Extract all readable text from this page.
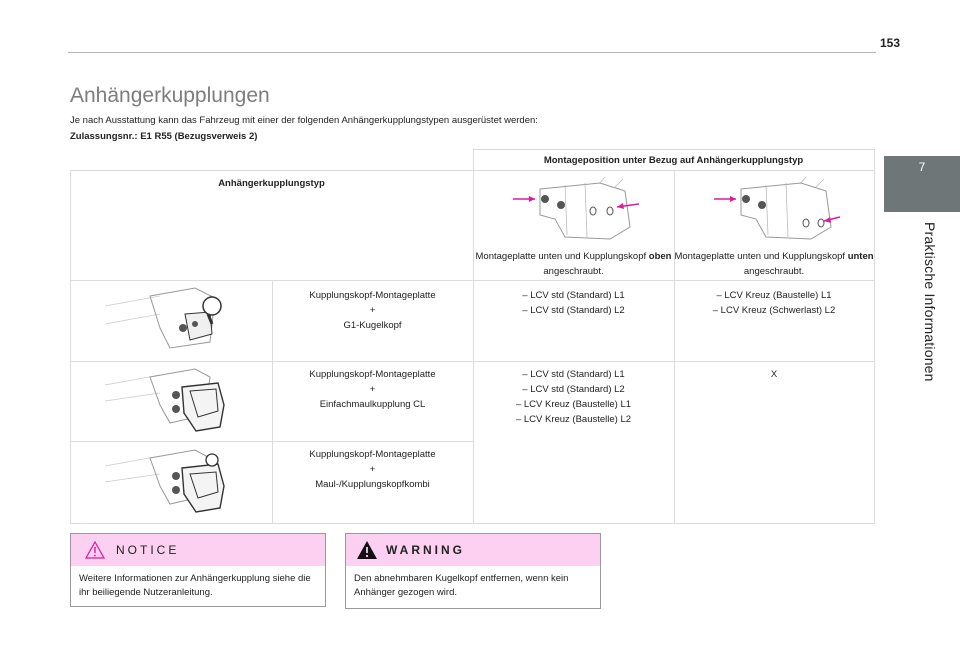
153
7
Praktische Informationen
Anhängerkupplungen
Je nach Ausstattung kann das Fahrzeug mit einer der folgenden Anhängerkupplungstypen ausgerüstet werden:
Zulassungsnr.: E1 R55 (Bezugsverweis 2)
Montageposition unter Bezug auf Anhängerkupplungstyp
Anhängerkupplungstyp
Montageplatte unten und Kupplungskopf oben angeschraubt.
Montageplatte unten und Kupplungskopf unten angeschraubt.
Kupplungskopf-Montageplatte
+
G1-Kugelkopf
– LCV std (Standard) L1
– LCV std (Standard) L2
– LCV Kreuz (Baustelle) L1
– LCV Kreuz (Schwerlast) L2
Kupplungskopf-Montageplatte
+
Einfachmaulkupplung CL
– LCV std (Standard) L1
– LCV std (Standard) L2
– LCV Kreuz (Baustelle) L1
– LCV Kreuz (Baustelle) L2
X
Kupplungskopf-Montageplatte
+
Maul-/Kupplungskopfkombi
NOTICE
Weitere Informationen zur Anhängerkupplung siehe die ihr beiliegende Nutzeranleitung.
WARNING
Den abnehmbaren Kugelkopf entfernen, wenn kein Anhänger gezogen wird.
